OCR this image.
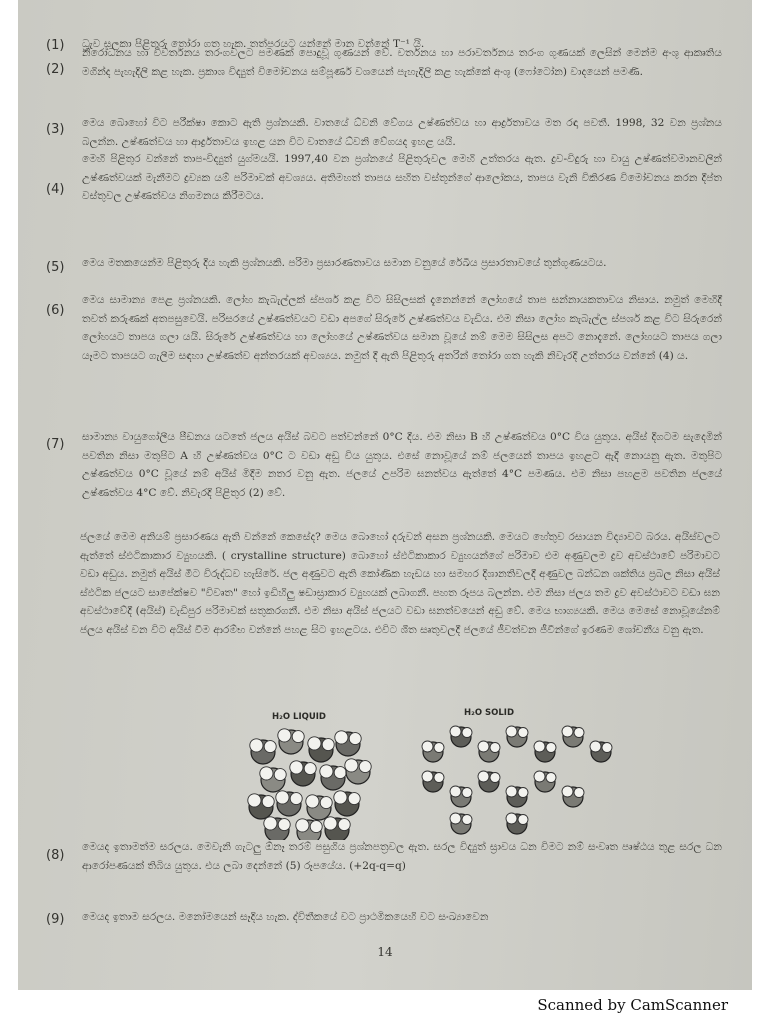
(1) ධ්‍රැව සලකා පිළිතුරු තෝරා ගත හැක. තත්පරයට යන්නේ මාන වන්නේ T⁻¹ යි.
(2)
නිරෝධනය හා විවර්තනය තරංගවලට පමණක් පොදුවූ ගුණයන් වේ. වර්තනය හා පරාවර්තනය තරංග ගුණයක් ලෙසින් මෙන්ම අංශු ආකෘතිය මගින්ද පැහැදිලි කළ හැක. ප්‍රකාශ විද්‍යුත් විමෝචනය සම්පූර්ණ වශයෙන් පැහැදිලි කළ හැක්කේ අංශු (ෆෝටෝන) වාදයෙන් පමණි.
(3) මෙය බොහෝ විට පරීක්ෂා කොට ඇති ප්‍රශ්නයකි. වාතයේ ධ්වනි වේගය උෂ්ණත්වය හා ආර්ද්‍රතාවය මත රඳා පවතී. 1998, 32 වන ප්‍රශ්නය බලන්න. උෂ්ණත්වය හා ආර්ද්‍රතාවය ඉහළ යන විට වාතයේ ධ්වනි වේගයද ඉහළ යයි.
(4)
මෙහි පිළිතුර වන්නේ තාප-විද්‍යුත් යුග්මයයි. 1997,40 වන ප්‍රශ්නයේ පිළිතුරුවල මෙහි උත්තරය ඇත. ද්‍රව-විදුරු හා වායු උෂ්ණත්වමානවලින් උෂ්ණත්වයක් මැනීමට ද්‍රව්‍යක යම් පරිමාවක් අවශ්‍යය. අතිමහත් තාපය සහිත වස්තූන්ගේ ආලෝකය, තාපය වැනි විකිරණ විමෝචනය කරන දීප්ත වස්තුවල උෂ්ණත්වය නිගමනය කිරීමටය.
(5) මෙය මතකයෙන්ම පිළිතුරු දිය හැකි ප්‍රශ්නයකි. පරිමා ප්‍රසාරණතාවය සමාන වනුයේ රේඛීය ප්‍රසාරතාවයේ තුන්ගුණයටය.
(6)
මෙය සාමාන්‍ය පෙළ ප්‍රශ්නයකි. ලෝහ කැබැල්ලක් ස්පර්ශ කළ විට සිසිලසක් දැනෙන්නේ ලෝහයේ තාප සන්නායකතාවය නිසාය. නමුත් මෙහිදී තවත් කරුණක් අතපසුවෙයි. පරිසරයේ උෂ්ණත්වයට වඩා අපගේ සිරුරේ උෂ්ණත්වය වැඩිය. එම නිසා ලෝහ කැබැල්ල ස්පර්ශ කළ විට සිරුරෙන් ලෝහයට තාපය ගලා යයි. සිරුරේ උෂ්ණත්වය හා ලෝහයේ උෂ්ණත්වය සමාන වූයේ නම් මෙම සිසිලස අපට නොදැනේ. ලෝහයට තාපය ගලා යෑමට තාපයට ගැලීම සඳහා උෂ්ණත්ව අන්තරයක් අවශ්‍යය. නමුත් දී ඇති පිළිතුරු අතරින් තෝරා ගත හැකි නිවැරදි උත්තරය වන්නේ (4) ය.
(7) සාමාන්‍ය වායුගෝලීය පීඩනය යටතේ ජලය අයිස් බවට පත්වන්නේ 0°C දීය. එම නිසා B හි උෂ්ණත්වය 0°C විය යුතුය. අයිස් දිගටම සැදෙමින් පවතින නිසා මතුපිට A හි උෂ්ණත්වය 0°C ට වඩා අඩු විය යුතුය. එසේ නොවූයේ නම් ජලයෙන් තාපය ඉහළට ඇදී නොයනු ඇත. මතුපිට උෂ්ණත්වය 0°C වූයේ නම් අයිස් මිදීම නතර වනු ඇත. ජලයේ උපරිම ඝනත්වය ඇත්තේ 4°C පමණය. එම නිසා පහළම පවතින ජලයේ උෂ්ණත්වය 4°C වේ. නිවැරදි පිළිතුර (2) වේ.
ජලයේ මෙම අනියම් ප්‍රසාරණය ඇති වන්නේ කෙසේද? මෙය බොහෝ දරුවන් අසන ප්‍රශ්නයකි. මෙයට හේතුව රසායන විද්‍යාවට බරය. අයිස්වලට ඇත්තේ ස්ඵටිකාකාර ව්‍යුහයකි. ( crystalline structure) බොහෝ ස්ඵටිකාකාර ව්‍යුහයන්ගේ පරිමාව එම අණුවලම ද්‍රව අවස්ථාවේ පරිමාවට වඩා අඩුය. නමුත් අයිස් මීට විරුද්ධව හැසිරේ. ජල අණුවට ඇති කෝණික හැඩය හා සමහර දිශානතිවලදී අණුවල බන්ධන ශක්තිය ප්‍රබල නිසා අයිස් ස්ඵටික ජලයට සාපේක්ෂව "විවෘත" හෝ ඉඩිහිලු ෂඩාස්‍රාකාර ව්‍යුහයක් ලබාගනී. පහත රූපය බලන්න. එම නිසා ජලය තම ද්‍රව අවස්ථාවට වඩා ඝන අවස්ථාවේදී (අයිස්) වැඩිපුර පරිමාවක් සතුකරගනී. එම නිසා අයිස් ජලයට වඩා ඝනත්වයෙන් අඩු වේ. මෙය භාග්‍යයකි. මෙය මෙසේ නොවූයේනම් ජලය අයිස් වන විට අයිස් වීම ආරම්භ වන්නේ පහළ සිට ඉහළටය. එවිට ශීත සෘතුවලදී ජලයේ ජීවත්වන ජීවීන්ගේ ඉරණම ශෝචනීය වනු ඇත.
H₂O LIQUID	H₂O SOLID
(8)
මෙයද ඉතාමත්ම සරලය. මෙවැනි ගැටලු ඕනෑ තරම් පසුගිය ප්‍රශ්නපත්‍රවල ඇත. සරල විද්‍යුත් ස්‍රාවය ධන විමට නම් සංවෘත පෘෂ්ඨය තුළ සරල ධන ආරෝපණයක් තිබිය යුතුය. එය ලබා දෙන්නේ (5) රූපයේය. (+2q-q=q)
(9) මෙයද ඉතාම සරලය. මනෝමයෙන් සෑදිය හැක. ද්විතීකයේ වට ප්‍රාථමිකයෙහි වට සංඛ්‍යාවෙන
14
Scanned by CamScanner
